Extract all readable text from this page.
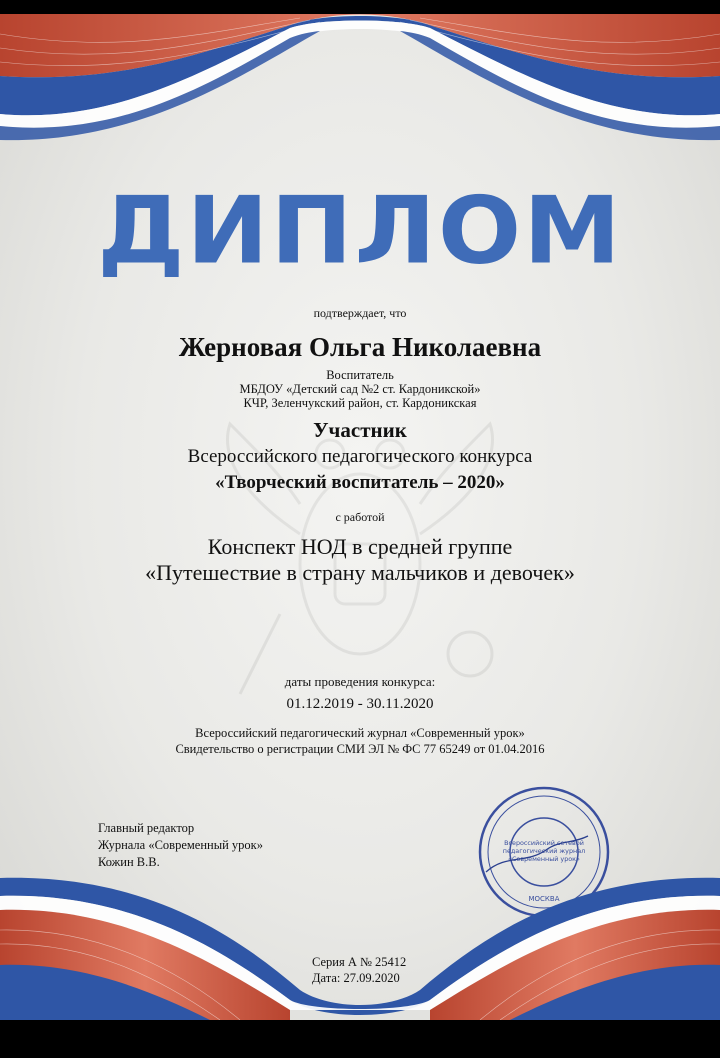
ДИПЛОМ
подтверждает, что
Жерновая Ольга Николаевна
Воспитатель
МБДОУ «Детский сад №2 ст. Кардоникской»
КЧР, Зеленчукский район, ст. Кардоникская
Участник
Всероссийского педагогического конкурса
«Творческий воспитатель – 2020»
с работой
Конспект НОД в средней группе
«Путешествие в страну мальчиков и девочек»
даты проведения конкурса:
01.12.2019 - 30.11.2020
Всероссийский педагогический журнал «Современный урок»
Свидетельство о регистрации СМИ ЭЛ № ФС 77 65249 от 01.04.2016
Главный редактор
Журнала «Современный урок»
Кожин В.В.
Всероссийский сетевой
педагогический журнал
«Современный урок»
МОСКВА
Серия А № 25412
Дата: 27.09.2020
